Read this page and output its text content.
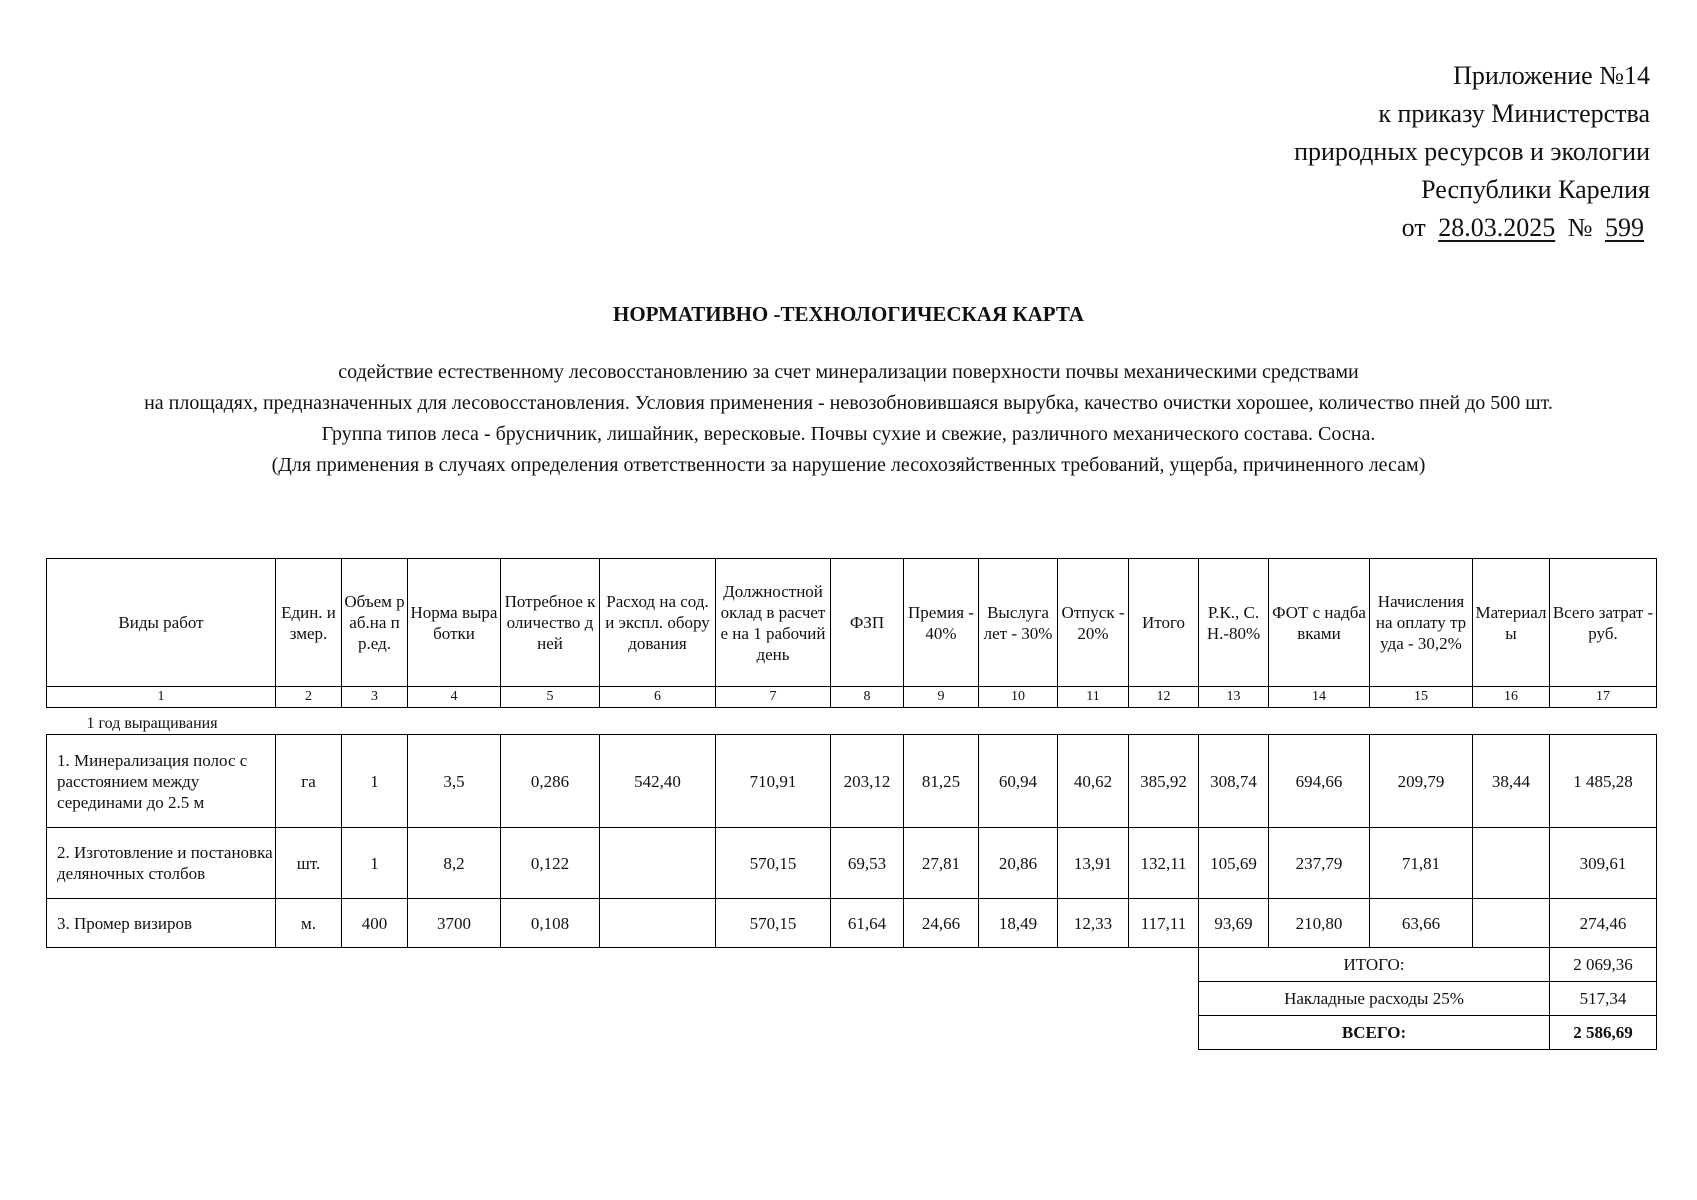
Приложение №14
к приказу Министерства
природных ресурсов и экологии
Республики Карелия
от 28.03.2025 № 599
НОРМАТИВНО -ТЕХНОЛОГИЧЕСКАЯ КАРТА
содействие естественному лесовосстановлению за счет минерализации поверхности почвы механическими средствами
на площадях, предназначенных для лесовосстановления. Условия применения - невозобновившаяся вырубка, качество очистки хорошее, количество пней до 500 шт.
Группа типов леса - брусничник, лишайник, вересковые. Почвы сухие и свежие, различного механического состава. Сосна.
(Для применения в случаях определения ответственности за нарушение лесохозяйственных требований, ущерба, причиненного лесам)
Виды работ	Един. измер.	Объем раб.на пр.ед.	Норма выработки	Потребное количество дней	Расход на сод.и экспл. оборудования	Должностной оклад в расчете на 1 рабочий день	ФЗП	Премия - 40%	Выслуга лет - 30%	Отпуск - 20%	Итого	Р.К., С.Н.-80%	ФОТ с надбавками	Начисления на оплату труда - 30,2%	Материалы	Всего затрат - руб.
1	2	3	4	5	6	7	8	9	10	11	12	13	14	15	16	17
1 год выращивания																
1. Минерализация полос с расстоянием между серединами до 2.5 м	га	1	3,5	0,286	542,40	710,91	203,12	81,25	60,94	40,62	385,92	308,74	694,66	209,79	38,44	1 485,28
2. Изготовление и постановка деляночных столбов	шт.	1	8,2	0,122		570,15	69,53	27,81	20,86	13,91	132,11	105,69	237,79	71,81		309,61
3. Промер визиров	м.	400	3700	0,108		570,15	61,64	24,66	18,49	12,33	117,11	93,69	210,80	63,66		274,46
												ИТОГО:				2 069,36
												Накладные расходы 25%				517,34
												ВСЕГО:				2 586,69
